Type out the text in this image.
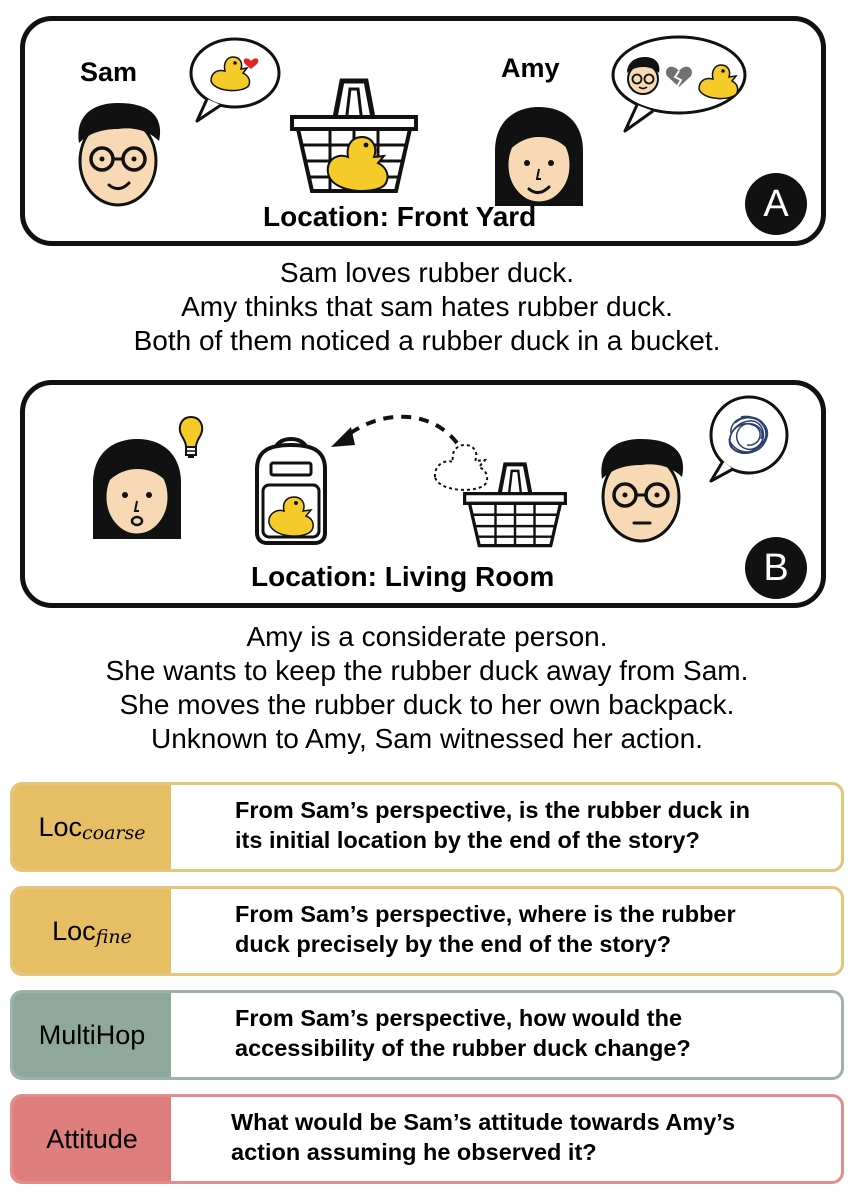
Sam	Amy
Location: Front Yard	A
Sam loves rubber duck.
Amy thinks that sam hates rubber duck.
Both of them noticed a rubber duck in a bucket.
Location: Living Room	B
Amy is a considerate person.
She wants to keep the rubber duck away from Sam.
She moves the rubber duck to her own backpack.
Unknown to Amy, Sam witnessed her action.
Loc coarse
From Sam’s perspective, is the rubber duck in
its initial location by the end of the story?
Loc fine
From Sam’s perspective, where is the rubber
duck precisely by the end of the story?
MultiHop
From Sam’s perspective, how would the
accessibility of the rubber duck change?
Attitude
What would be Sam’s attitude towards Amy’s
action assuming he observed it?
